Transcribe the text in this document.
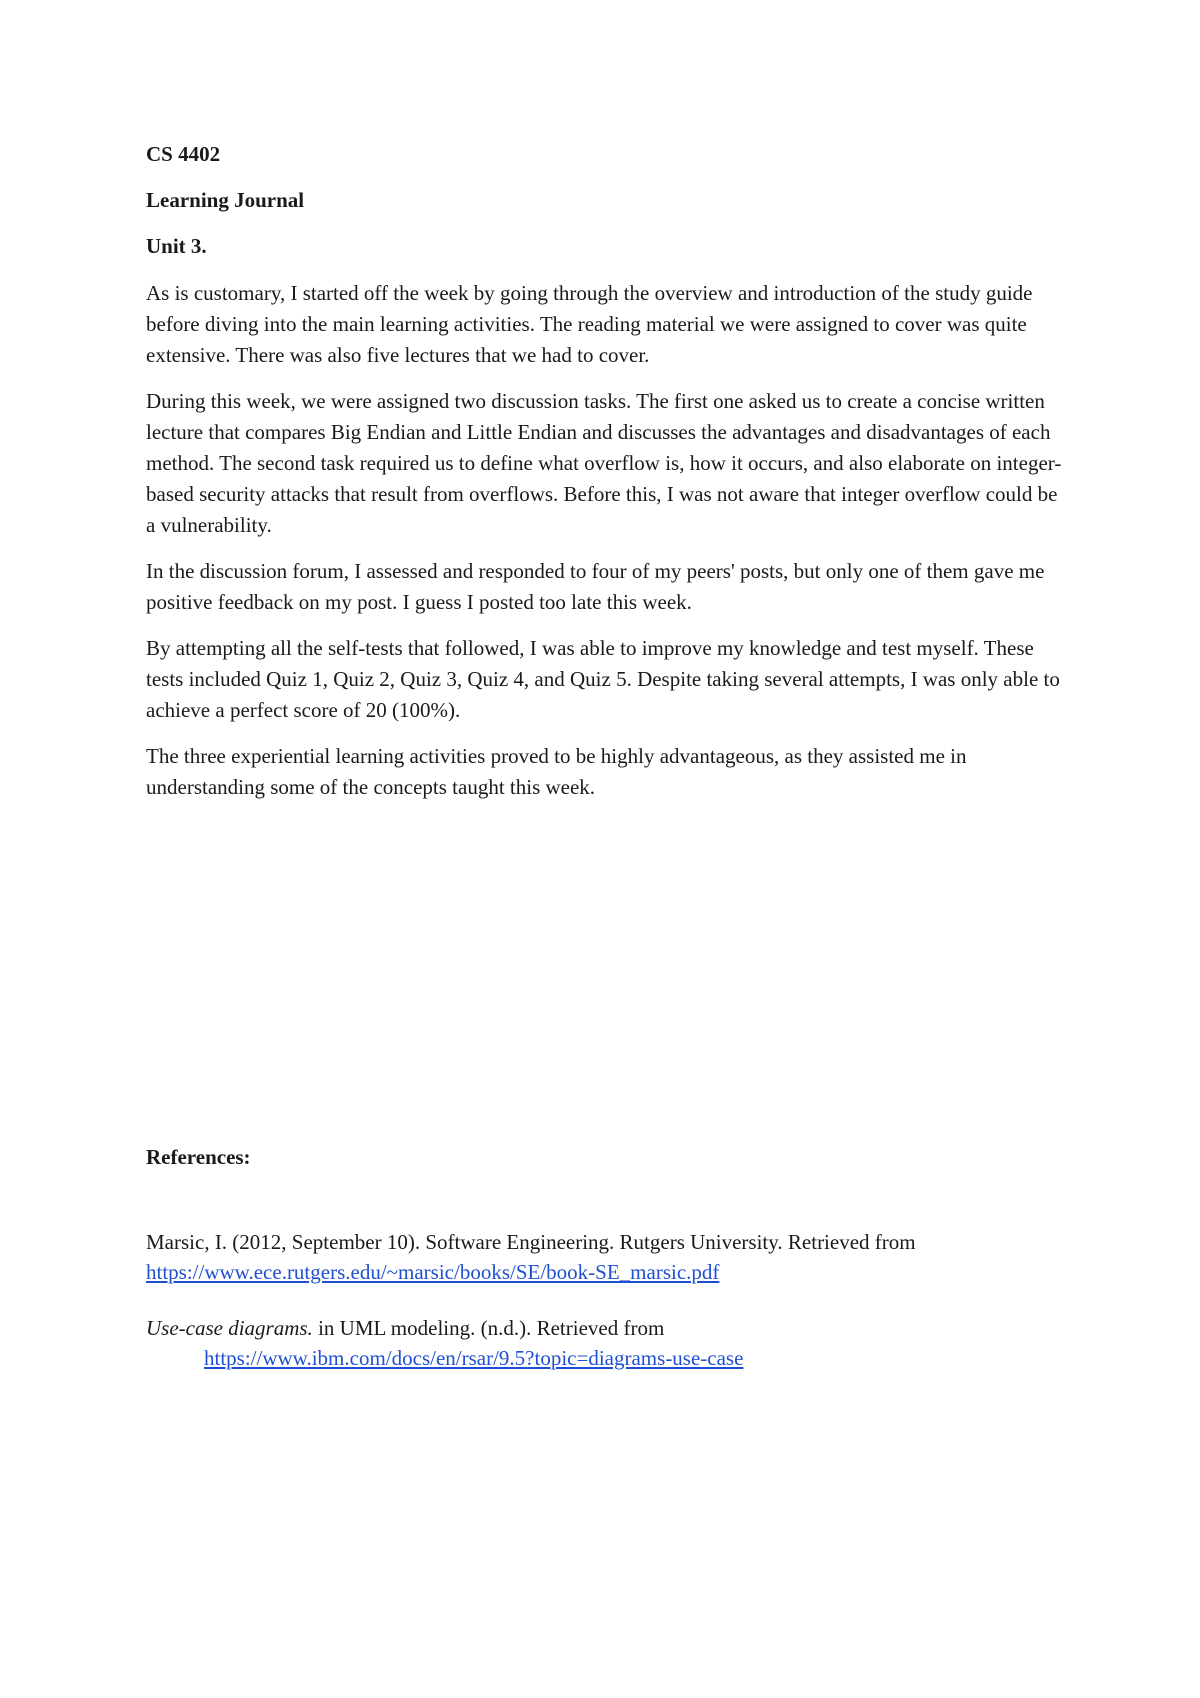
CS 4402

Learning Journal

Unit 3.

As is customary, I started off the week by going through the overview and introduction of the study guide before diving into the main learning activities. The reading material we were assigned to cover was quite extensive. There was also five lectures that we had to cover.

During this week, we were assigned two discussion tasks. The first one asked us to create a concise written lecture that compares Big Endian and Little Endian and discusses the advantages and disadvantages of each method. The second task required us to define what overflow is, how it occurs, and also elaborate on integer-based security attacks that result from overflows. Before this, I was not aware that integer overflow could be a vulnerability.

In the discussion forum, I assessed and responded to four of my peers' posts, but only one of them gave me positive feedback on my post. I guess I posted too late this week.

By attempting all the self-tests that followed, I was able to improve my knowledge and test myself. These tests included Quiz 1, Quiz 2, Quiz 3, Quiz 4, and Quiz 5. Despite taking several attempts, I was only able to achieve a perfect score of 20 (100%).

The three experiential learning activities proved to be highly advantageous, as they assisted me in understanding some of the concepts taught this week.

References:

Marsic, I. (2012, September 10). Software Engineering. Rutgers University. Retrieved from
https://www.ece.rutgers.edu/~marsic/books/SE/book-SE_marsic.pdf

Use-case diagrams. in UML modeling. (n.d.). Retrieved from
https://www.ibm.com/docs/en/rsar/9.5?topic=diagrams-use-case
